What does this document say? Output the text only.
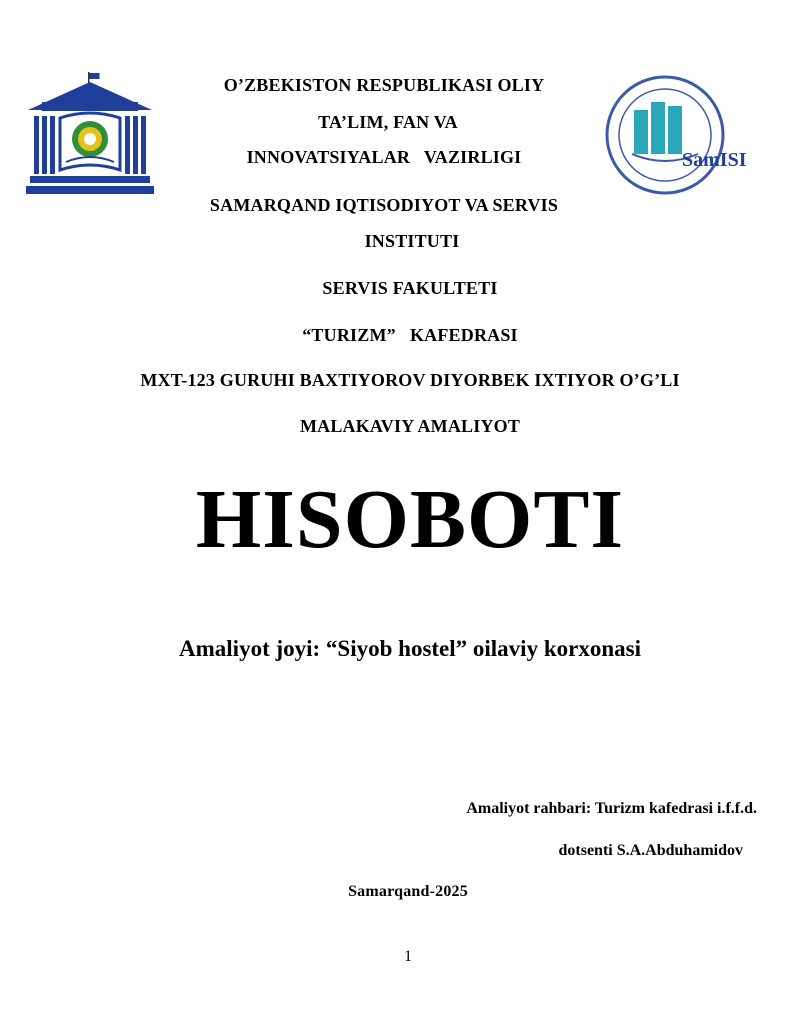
SamISI
O’ZBEKISTON RESPUBLIKASI OLIY
TA’LIM, FAN VA
INNOVATSIYALAR   VAZIRLIGI
SAMARQAND IQTISODIYOT VA SERVIS
INSTITUTI
SERVIS FAKULTETI
“TURIZM”   KAFEDRASI
MXT-123 GURUHI BAXTIYOROV DIYORBEK IXTIYOR O’G’LI
MALAKAVIY AMALIYOT
HISOBOTI
Amaliyot joyi: “Siyob hostel” oilaviy korxonasi
Amaliyot rahbari: Turizm kafedrasi i.f.f.d.
dotsenti S.A.Abduhamidov
Samarqand-2025
1
